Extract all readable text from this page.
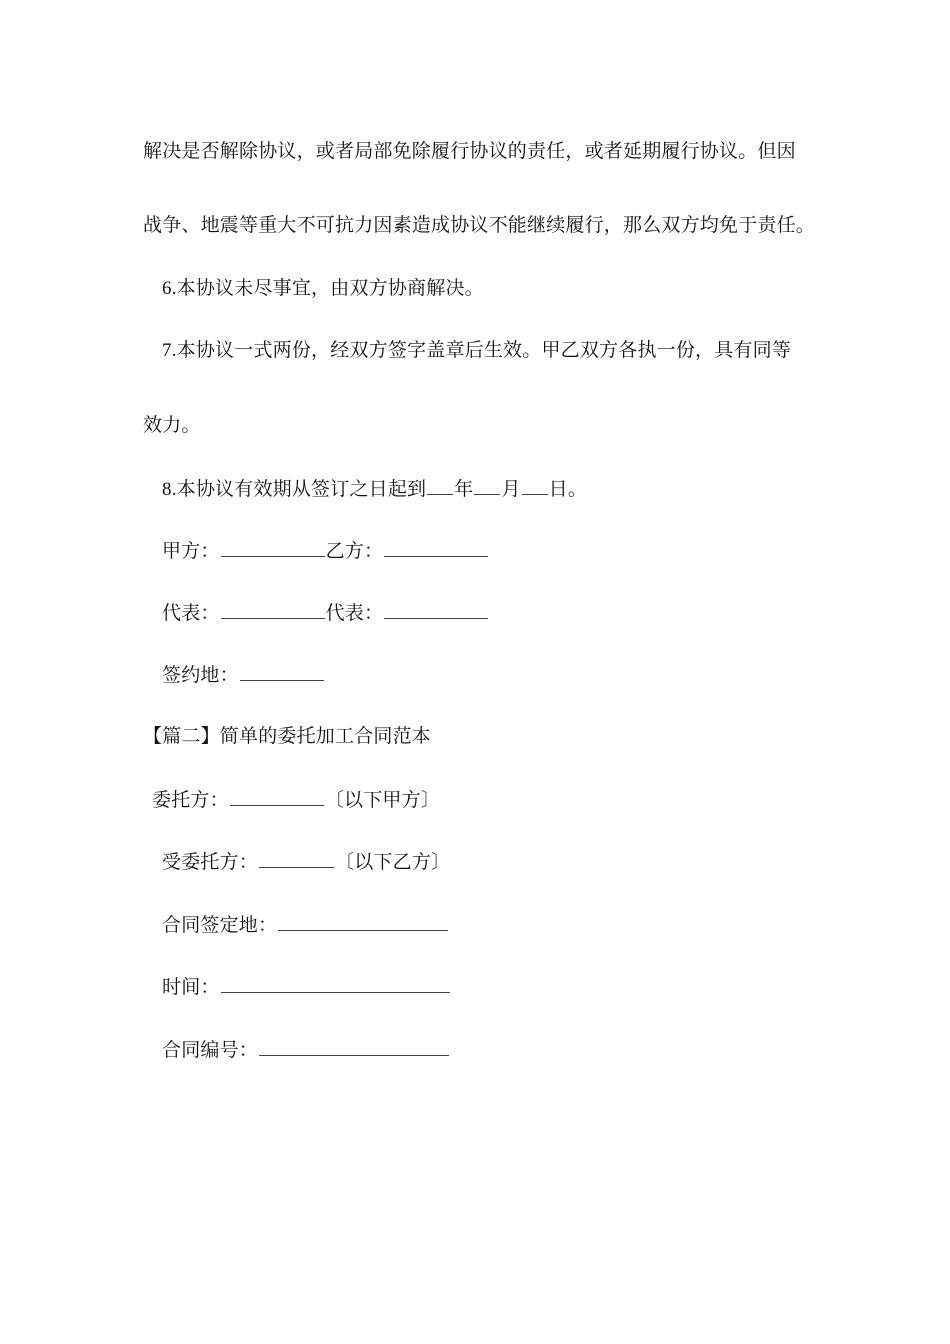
解决是否解除协议，或者局部免除履行协议的责任，或者延期履行协议。但因
战争、地震等重大不可抗力因素造成协议不能继续履行，那么双方均免于责任。
6.本协议未尽事宜，由双方协商解决。
7.本协议一式两份，经双方签字盖章后生效。甲乙双方各执一份，具有同等
效力。
8.本协议有效期从签订之日起到 年 月 日。
甲方：	乙方：
代表：	代表：
签约地：
【篇二】简单的委托加工合同范本
委托方：	〔以下甲方〕
受委托方：	〔以下乙方〕
合同签定地：
时间：
合同编号：
